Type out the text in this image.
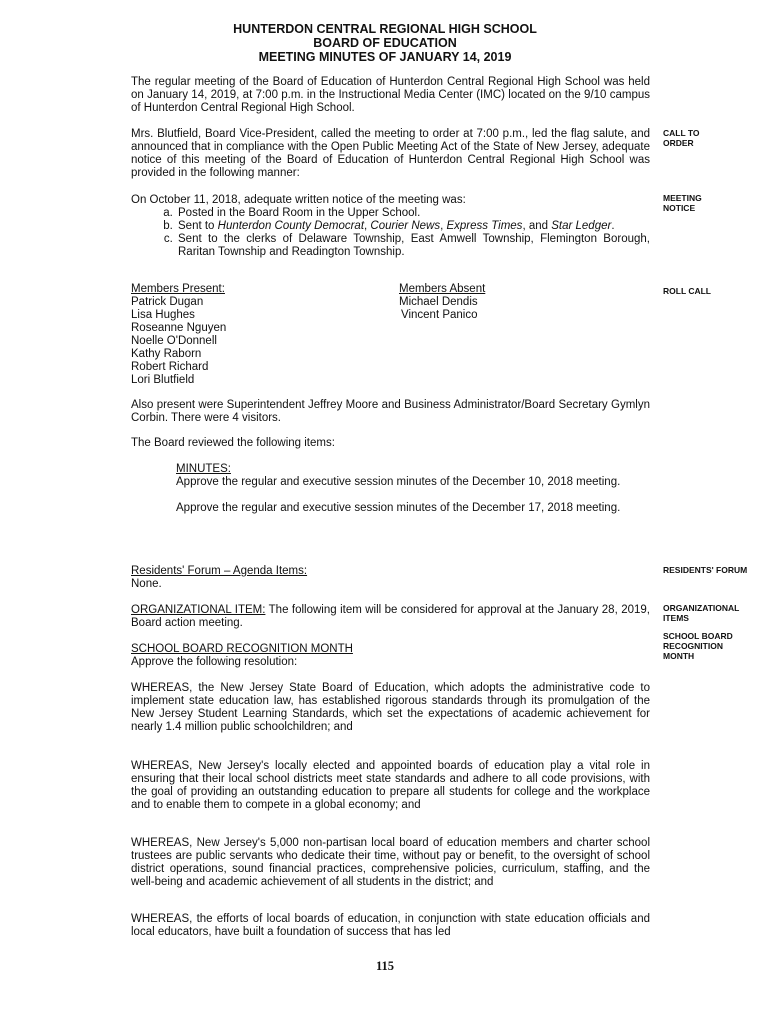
HUNTERDON CENTRAL REGIONAL HIGH SCHOOL
BOARD OF EDUCATION
MEETING MINUTES OF JANUARY 14, 2019
The regular meeting of the Board of Education of Hunterdon Central Regional High School was held on January 14, 2019, at 7:00 p.m. in the Instructional Media Center (IMC) located on the 9/10 campus of Hunterdon Central Regional High School.
Mrs. Blutfield, Board Vice-President, called the meeting to order at 7:00 p.m., led the flag salute, and announced that in compliance with the Open Public Meeting Act of the State of New Jersey, adequate notice of this meeting of the Board of Education of Hunterdon Central Regional High School was provided in the following manner:
CALL TO ORDER
On October 11, 2018, adequate written notice of the meeting was:
a. Posted in the Board Room in the Upper School.
b. Sent to Hunterdon County Democrat, Courier News, Express Times, and Star Ledger.
c. Sent to the clerks of Delaware Township, East Amwell Township, Flemington Borough, Raritan Township and Readington Township.
MEETING NOTICE
Members Present:
Patrick Dugan
Lisa Hughes
Roseanne Nguyen
Noelle O'Donnell
Kathy Raborn
Robert Richard
Lori Blutfield
Members Absent
Michael Dendis
Vincent Panico
ROLL CALL
Also present were Superintendent Jeffrey Moore and Business Administrator/Board Secretary Gymlyn Corbin. There were 4 visitors.
The Board reviewed the following items:
MINUTES:
Approve the regular and executive session minutes of the December 10, 2018 meeting.
Approve the regular and executive session minutes of the December 17, 2018 meeting.
Residents' Forum – Agenda Items:
None.
RESIDENTS' FORUM
ORGANIZATIONAL ITEM: The following item will be considered for approval at the January 28, 2019, Board action meeting.
ORGANIZATIONAL ITEMS
SCHOOL BOARD RECOGNITION MONTH
Approve the following resolution:
SCHOOL BOARD RECOGNITION MONTH
WHEREAS, the New Jersey State Board of Education, which adopts the administrative code to implement state education law, has established rigorous standards through its promulgation of the New Jersey Student Learning Standards, which set the expectations of academic achievement for nearly 1.4 million public schoolchildren; and
WHEREAS, New Jersey's locally elected and appointed boards of education play a vital role in ensuring that their local school districts meet state standards and adhere to all code provisions, with the goal of providing an outstanding education to prepare all students for college and the workplace and to enable them to compete in a global economy; and
WHEREAS, New Jersey's 5,000 non-partisan local board of education members and charter school trustees are public servants who dedicate their time, without pay or benefit, to the oversight of school district operations, sound financial practices, comprehensive policies, curriculum, staffing, and the well-being and academic achievement of all students in the district; and
WHEREAS, the efforts of local boards of education, in conjunction with state education officials and local educators, have built a foundation of success that has led
115
